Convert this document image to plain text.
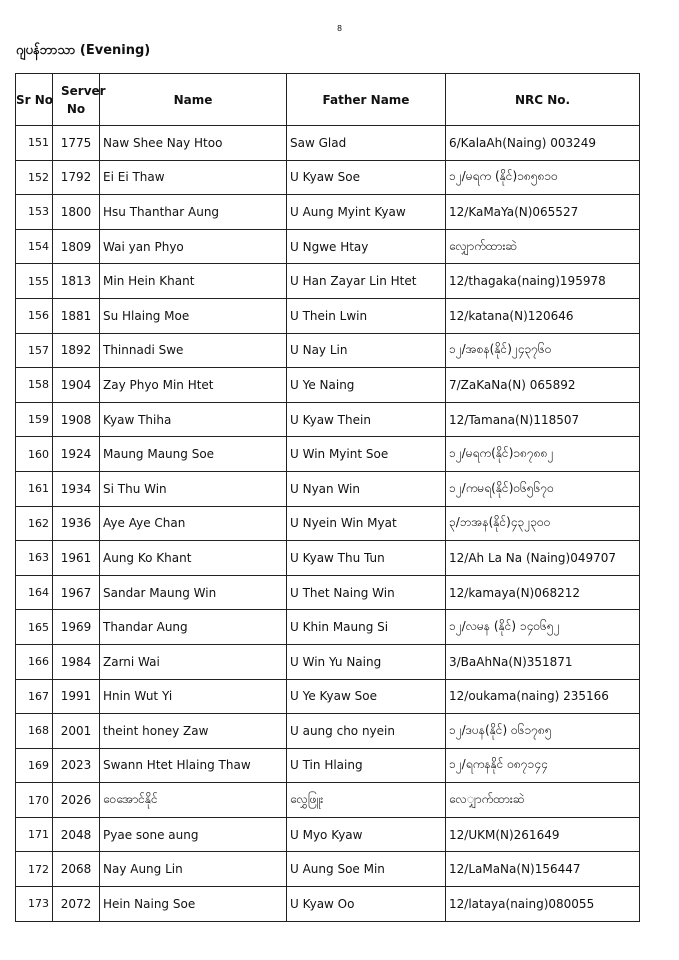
8
ဂျပန်ဘာသာ (Evening)
Sr No	Server No	Name	Father Name	NRC No.
151	1775	Naw Shee Nay Htoo	Saw Glad	6/KalaAh(Naing) 003249
152	1792	Ei Ei Thaw	U Kyaw Soe	၁၂/မရက (နိုင်)၁၈၅၈၁၀
153	1800	Hsu Thanthar Aung	U Aung Myint Kyaw	12/KaMaYa(N)065527
154	1809	Wai yan Phyo	U Ngwe Htay	လျှောက်ထားဆဲ
155	1813	Min Hein Khant	U Han Zayar Lin Htet	12/thagaka(naing)195978
156	1881	Su Hlaing Moe	U Thein Lwin	12/katana(N)120646
157	1892	Thinnadi Swe	U Nay Lin	၁၂/အစန(နိုင်)၂၄၃၇၆၀
158	1904	Zay Phyo Min Htet	U Ye Naing	7/ZaKaNa(N) 065892
159	1908	Kyaw Thiha	U Kyaw Thein	12/Tamana(N)118507
160	1924	Maung Maung Soe	U Win Myint Soe	၁၂/မရက(နိုင်)၁၈၇၈၈၂
161	1934	Si Thu Win	U Nyan Win	၁၂/ကမရ(နိုင်)၀၆၅၆၇၀
162	1936	Aye Aye Chan	U Nyein Win Myat	၃/ဘအန(နိုင်)၄၃၂၃၀၀
163	1961	Aung Ko Khant	U Kyaw Thu Tun	12/Ah La Na (Naing)049707
164	1967	Sandar Maung Win	U Thet Naing Win	12/kamaya(N)068212
165	1969	Thandar Aung	U Khin Maung Si	၁၂/လမန (နိုင်) ၁၄၀၆၅၂
166	1984	Zarni Wai	U Win Yu Naing	3/BaAhNa(N)351871
167	1991	Hnin Wut Yi	U Ye Kyaw Soe	12/oukama(naing) 235166
168	2001	theint honey Zaw	U aung cho nyein	၁၂/ဒပန(နိုင်) ၀၆၁၇၈၅
169	2023	Swann Htet Hlaing Thaw	U Tin Hlaing	၁၂/ရကနနိုင် ၀၈၇၁၄၄
170	2026	ဝေအောင်နိုင်	လွှေဖြူး	လေျှာက်ထားဆဲ
171	2048	Pyae sone aung	U Myo Kyaw	12/UKM(N)261649
172	2068	Nay Aung Lin	U Aung Soe Min	12/LaMaNa(N)156447
173	2072	Hein Naing Soe	U Kyaw Oo	12/lataya(naing)080055
